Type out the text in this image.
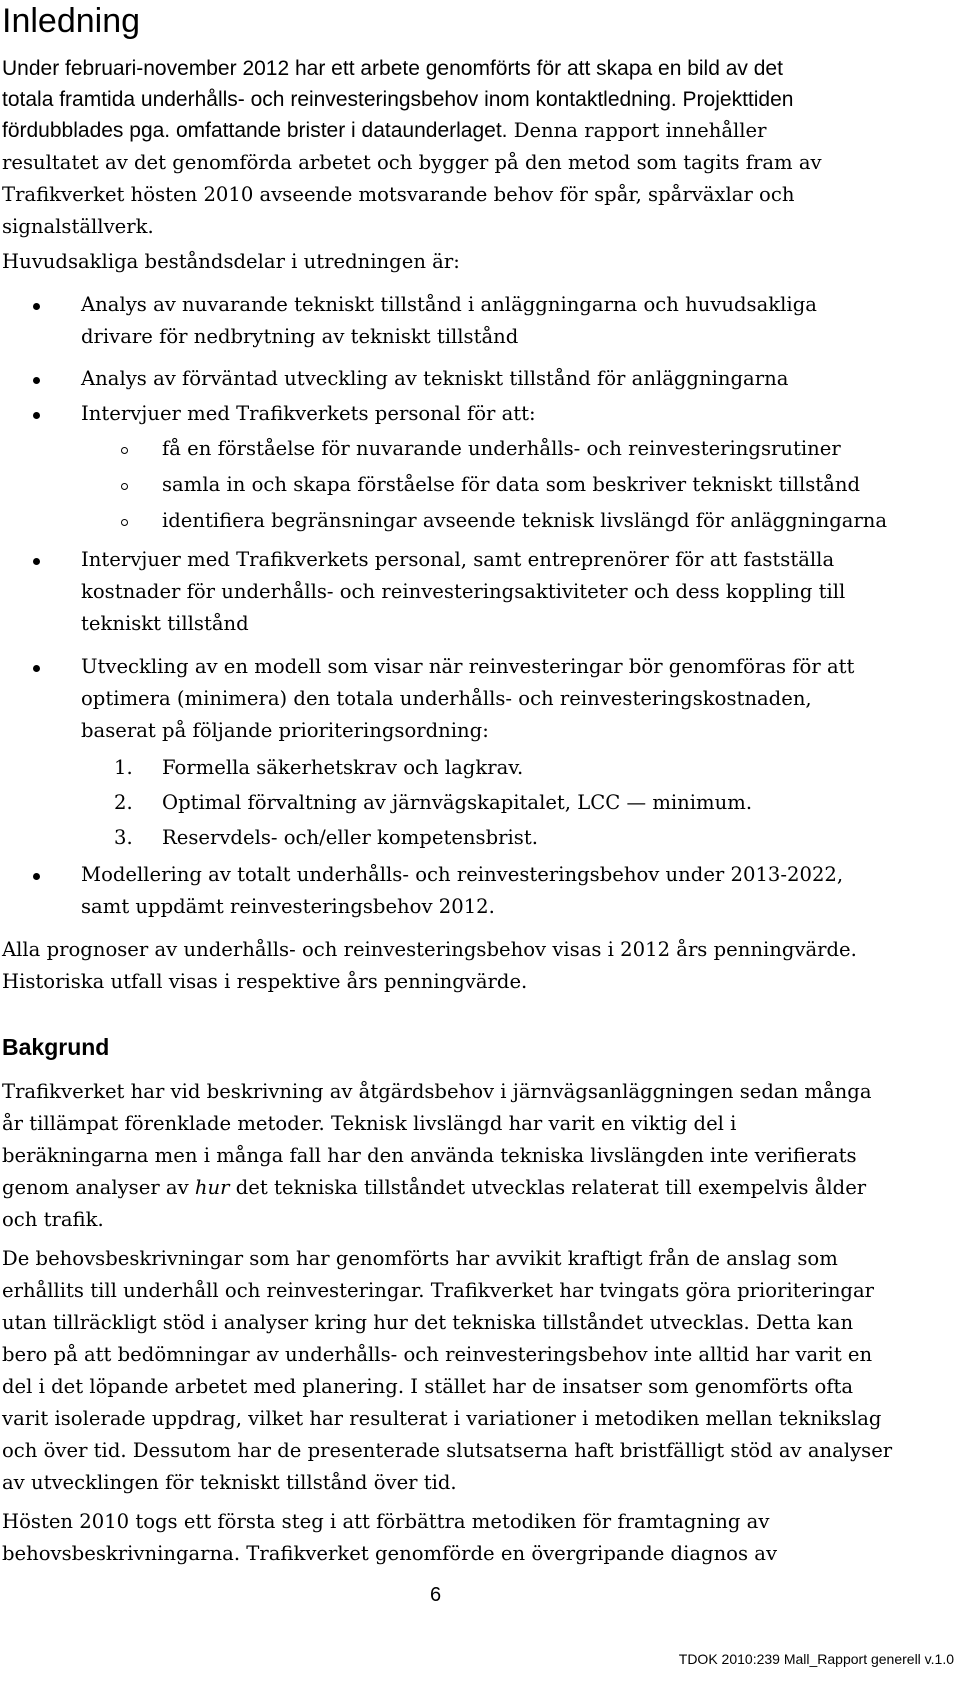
Inledning
Under februari-november 2012 har ett arbete genomförts för att skapa en bild av det
totala framtida underhålls- och reinvesteringsbehov inom kontaktledning. Projekttiden
fördubblades pga. omfattande brister i dataunderlaget. Denna rapport innehåller
resultatet av det genomförda arbetet och bygger på den metod som tagits fram av
Trafikverket hösten 2010 avseende motsvarande behov för spår, spårväxlar och
signalställverk.
Huvudsakliga beståndsdelar i utredningen är:
Analys av nuvarande tekniskt tillstånd i anläggningarna och huvudsakliga
drivare för nedbrytning av tekniskt tillstånd
Analys av förväntad utveckling av tekniskt tillstånd för anläggningarna
Intervjuer med Trafikverkets personal för att:
få en förståelse för nuvarande underhålls- och reinvesteringsrutiner
samla in och skapa förståelse för data som beskriver tekniskt tillstånd
identifiera begränsningar avseende teknisk livslängd för anläggningarna
Intervjuer med Trafikverkets personal, samt entreprenörer för att fastställa
kostnader för underhålls- och reinvesteringsaktiviteter och dess koppling till
tekniskt tillstånd
Utveckling av en modell som visar när reinvesteringar bör genomföras för att
optimera (minimera) den totala underhålls- och reinvesteringskostnaden,
baserat på följande prioriteringsordning:
1. Formella säkerhetskrav och lagkrav.
2. Optimal förvaltning av järnvägskapitalet, LCC — minimum.
3. Reservdels- och/eller kompetensbrist.
Modellering av totalt underhålls- och reinvesteringsbehov under 2013-2022,
samt uppdämt reinvesteringsbehov 2012.
Alla prognoser av underhålls- och reinvesteringsbehov visas i 2012 års penningvärde.
Historiska utfall visas i respektive års penningvärde.
Bakgrund
Trafikverket har vid beskrivning av åtgärdsbehov i järnvägsanläggningen sedan många
år tillämpat förenklade metoder. Teknisk livslängd har varit en viktig del i
beräkningarna men i många fall har den använda tekniska livslängden inte verifierats
genom analyser av hur det tekniska tillståndet utvecklas relaterat till exempelvis ålder
och trafik.
De behovsbeskrivningar som har genomförts har avvikit kraftigt från de anslag som
erhållits till underhåll och reinvesteringar. Trafikverket har tvingats göra prioriteringar
utan tillräckligt stöd i analyser kring hur det tekniska tillståndet utvecklas. Detta kan
bero på att bedömningar av underhålls- och reinvesteringsbehov inte alltid har varit en
del i det löpande arbetet med planering. I stället har de insatser som genomförts ofta
varit isolerade uppdrag, vilket har resulterat i variationer i metodiken mellan teknikslag
och över tid. Dessutom har de presenterade slutsatserna haft bristfälligt stöd av analyser
av utvecklingen för tekniskt tillstånd över tid.
Hösten 2010 togs ett första steg i att förbättra metodiken för framtagning av
behovsbeskrivningarna. Trafikverket genomförde en övergripande diagnos av
6
TDOK 2010:239 Mall_Rapport generell v.1.0
